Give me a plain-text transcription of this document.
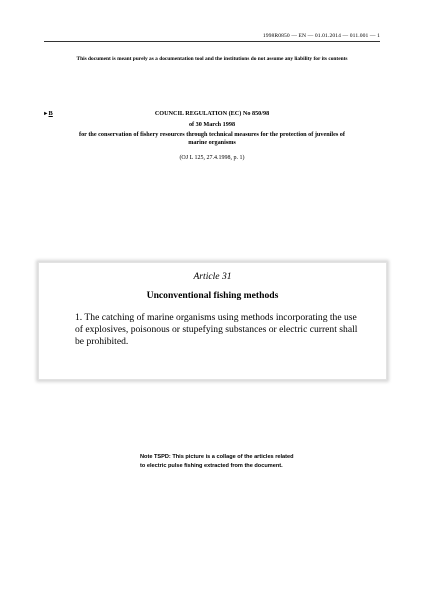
1998R0850 — EN — 01.01.2014 — 011.001 — 1
This document is meant purely as a documentation tool and the institutions do not assume any liability for its contents
►B	COUNCIL REGULATION (EC) No 850/98
of 30 March 1998
for the conservation of fishery resources through technical measures for the protection of juveniles of marine organisms
(OJ L 125, 27.4.1998, p. 1)
Article 31
Unconventional fishing methods

1. The catching of marine organisms using methods incorporating the use of explosives, poisonous or stupefying substances or electric current shall be prohibited.

Note TSPD: This picture is a collage of the articles related to electric pulse fishing extracted from the document.
